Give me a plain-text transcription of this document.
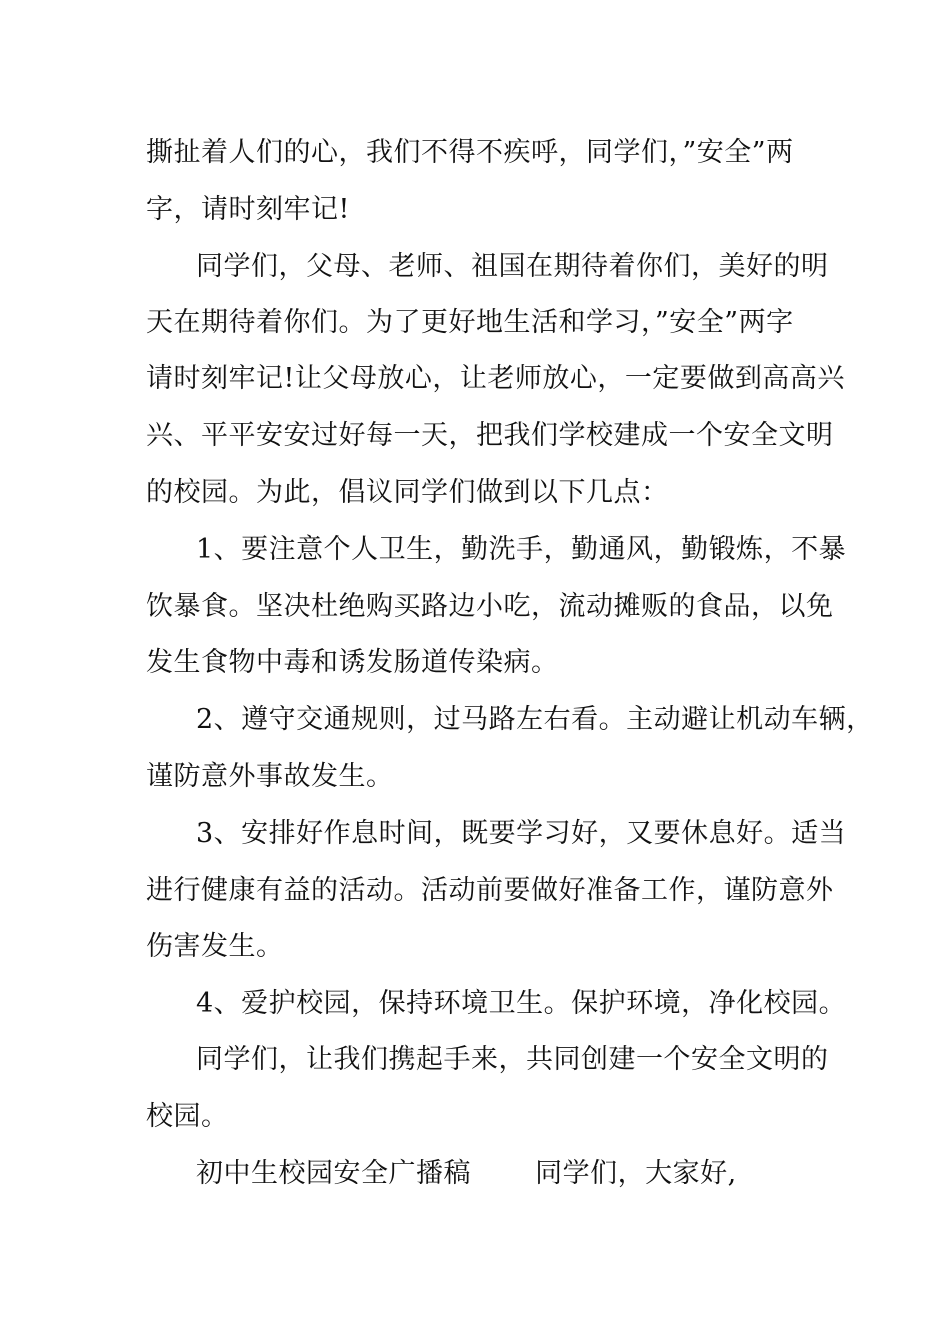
撕扯着人们的心，我们不得不疾呼，同学们，”安全”两
字，请时刻牢记!
同学们，父母、老师、祖国在期待着你们，美好的明
天在期待着你们。为了更好地生活和学习，”安全”两字
请时刻牢记!让父母放心，让老师放心，一定要做到高高兴
兴、平平安安过好每一天，把我们学校建成一个安全文明
的校园。为此，倡议同学们做到以下几点：
1、要注意个人卫生，勤洗手，勤通风，勤锻炼，不暴
饮暴食。坚决杜绝购买路边小吃，流动摊贩的食品，以免
发生食物中毒和诱发肠道传染病。
2、遵守交通规则，过马路左右看。主动避让机动车辆，
谨防意外事故发生。
3、安排好作息时间，既要学习好，又要休息好。适当
进行健康有益的活动。活动前要做好准备工作，谨防意外
伤害发生。
4、爱护校园，保持环境卫生。保护环境，净化校园。
同学们，让我们携起手来，共同创建一个安全文明的
校园。
初中生校园安全广播稿　　 同学们，大家好,
